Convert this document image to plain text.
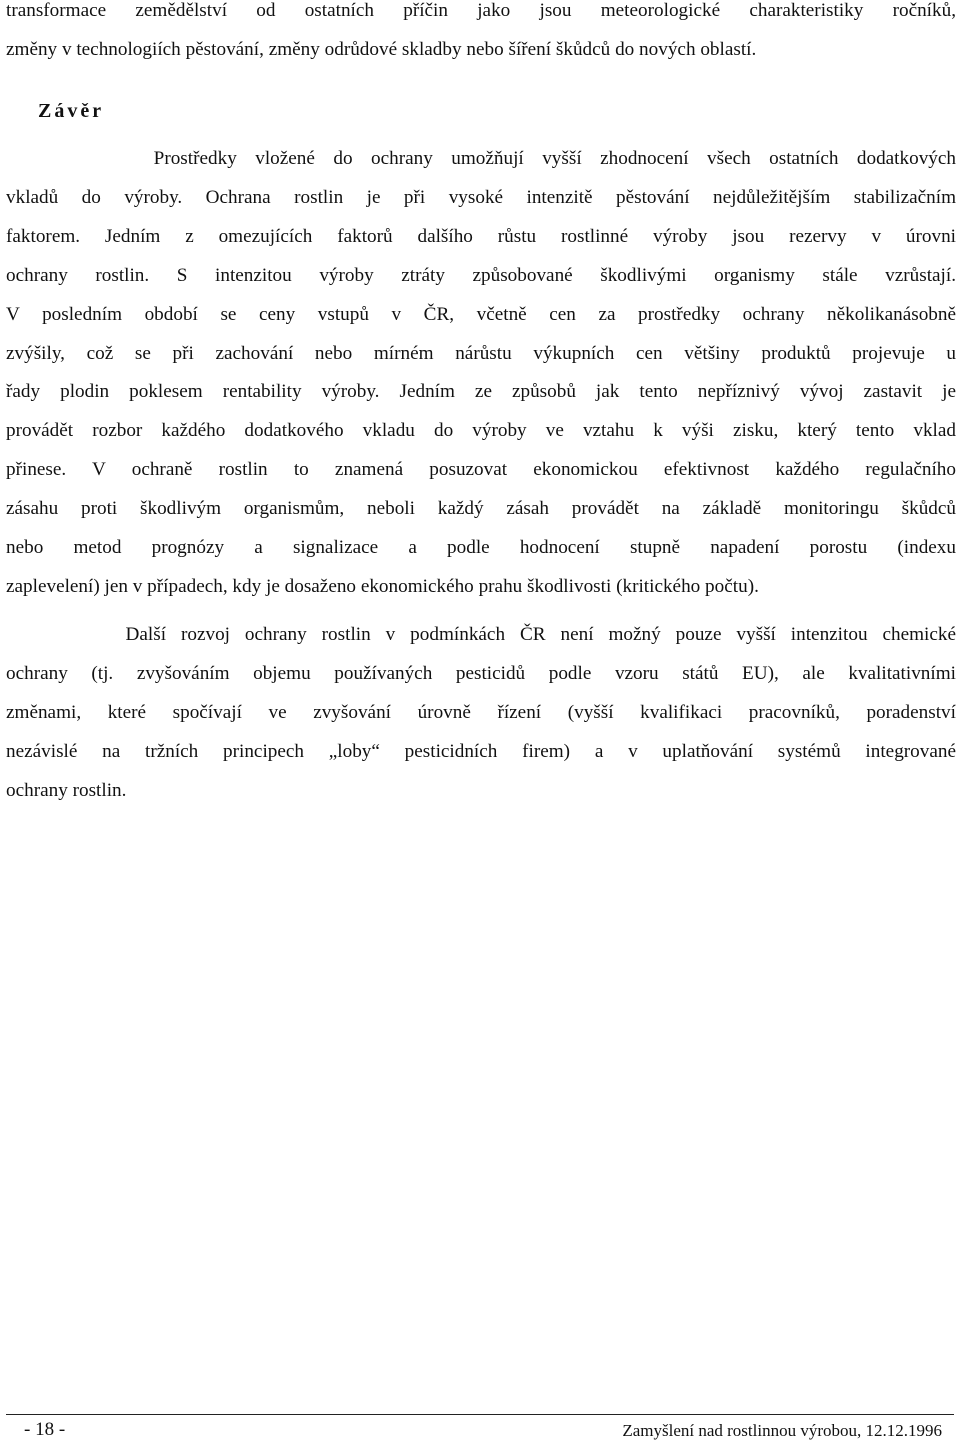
transformace zemědělství od ostatních příčin jako jsou meteorologické charakteristiky ročníků,
změny v technologiích pěstování, změny odrůdové skladby nebo šíření škůdců do nových oblastí.
Závěr
Prostředky vložené do ochrany umožňují vyšší zhodnocení všech ostatních dodatkových
vkladů do výroby. Ochrana rostlin je při vysoké intenzitě pěstování nejdůležitějším stabilizačním
faktorem. Jedním z omezujících faktorů dalšího růstu rostlinné výroby jsou rezervy v úrovni
ochrany rostlin. S intenzitou výroby ztráty způsobované škodlivými organismy stále vzrůstají.
V posledním období se ceny vstupů v ČR, včetně cen za prostředky ochrany několikanásobně
zvýšily, což se při zachování nebo mírném nárůstu výkupních cen většiny produktů projevuje u
řady plodin poklesem rentability výroby. Jedním ze způsobů jak tento nepříznivý vývoj zastavit je
provádět rozbor každého dodatkového vkladu do výroby ve vztahu k výši zisku, který tento vklad
přinese. V ochraně rostlin to znamená posuzovat ekonomickou efektivnost každého regulačního
zásahu proti škodlivým organismům, neboli každý zásah provádět na základě monitoringu škůdců
nebo metod prognózy a signalizace a podle hodnocení stupně napadení porostu (indexu
zaplevelení) jen v případech, kdy je dosaženo ekonomického prahu škodlivosti (kritického počtu).
Další rozvoj ochrany rostlin v podmínkách ČR není možný pouze vyšší intenzitou chemické
ochrany (tj. zvyšováním objemu používaných pesticidů podle vzoru států EU), ale kvalitativními
změnami, které spočívají ve zvyšování úrovně řízení (vyšší kvalifikaci pracovníků, poradenství
nezávislé na tržních principech „loby“ pesticidních firem) a v uplatňování systémů integrované
ochrany rostlin.
- 18 -	Zamyšlení nad rostlinnou výrobou, 12.12.1996
